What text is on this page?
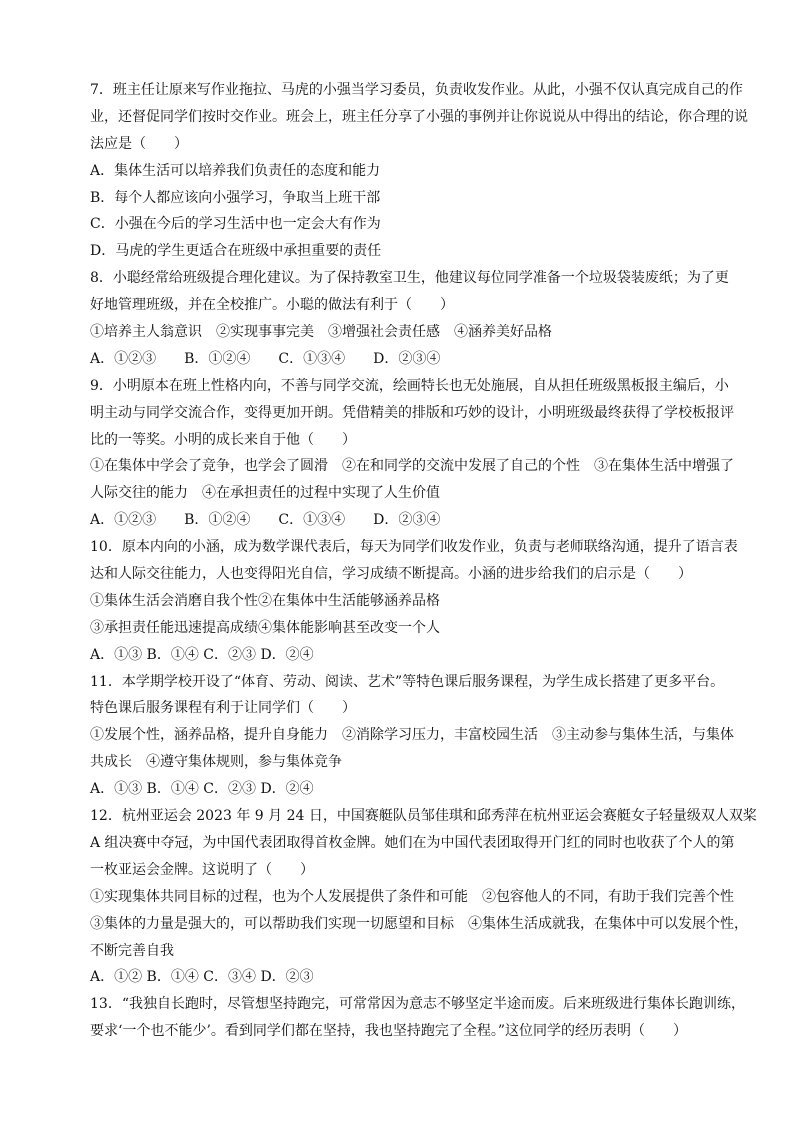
7．班主任让原来写作业拖拉、马虎的小强当学习委员，负责收发作业。从此，小强不仅认真完成自己的作
业，还督促同学们按时交作业。班会上，班主任分享了小强的事例并让你说说从中得出的结论，你合理的说
法应是（　　）
A．集体生活可以培养我们负责任的态度和能力
B．每个人都应该向小强学习，争取当上班干部
C．小强在今后的学习生活中也一定会大有作为
D．马虎的学生更适合在班级中承担重要的责任
8．小聪经常给班级提合理化建议。为了保持教室卫生，他建议每位同学准备一个垃圾袋装废纸；为了更
好地管理班级，并在全校推广。小聪的做法有利于（　　）
①培养主人翁意识　②实现事事完美　③增强社会责任感　④涵养美好品格
A．①②③　　B．①②④　　C．①③④　　D．②③④
9．小明原本在班上性格内向，不善与同学交流，绘画特长也无处施展，自从担任班级黑板报主编后，小
明主动与同学交流合作，变得更加开朗。凭借精美的排版和巧妙的设计，小明班级最终获得了学校板报评
比的一等奖。小明的成长来自于他（　　）
①在集体中学会了竞争，也学会了圆滑　②在和同学的交流中发展了自己的个性　③在集体生活中增强了
人际交往的能力　④在承担责任的过程中实现了人生价值
A．①②③　　B．①②④　　C．①③④　　D．②③④
10．原本内向的小涵，成为数学课代表后，每天为同学们收发作业，负责与老师联络沟通，提升了语言表
达和人际交往能力，人也变得阳光自信，学习成绩不断提高。小涵的进步给我们的启示是（　　）
①集体生活会消磨自我个性②在集体中生活能够涵养品格
③承担责任能迅速提高成绩④集体能影响甚至改变一个人
A．①③ B．①④ C．②③ D．②④
11．本学期学校开设了“体育、劳动、阅读、艺术”等特色课后服务课程，为学生成长搭建了更多平台。
特色课后服务课程有利于让同学们（　　）
①发展个性，涵养品格，提升自身能力　②消除学习压力，丰富校园生活　③主动参与集体生活，与集体
共成长　④遵守集体规则，参与集体竞争
A．①③ B．①④ C．②③ D．②④
12．杭州亚运会 2023 年 9 月 24 日，中国赛艇队员邹佳琪和邱秀萍在杭州亚运会赛艇女子轻量级双人双桨
A 组决赛中夺冠，为中国代表团取得首枚金牌。她们在为中国代表团取得开门红的同时也收获了个人的第
一枚亚运会金牌。这说明了（　　）
①实现集体共同目标的过程，也为个人发展提供了条件和可能　②包容他人的不同，有助于我们完善个性
③集体的力量是强大的，可以帮助我们实现一切愿望和目标　④集体生活成就我，在集体中可以发展个性，
不断完善自我
A．①② B．①④ C．③④ D．②③
13．“我独自长跑时，尽管想坚持跑完，可常常因为意志不够坚定半途而废。后来班级进行集体长跑训练，
要求‘一个也不能少’。看到同学们都在坚持，我也坚持跑完了全程。”这位同学的经历表明（　　）
